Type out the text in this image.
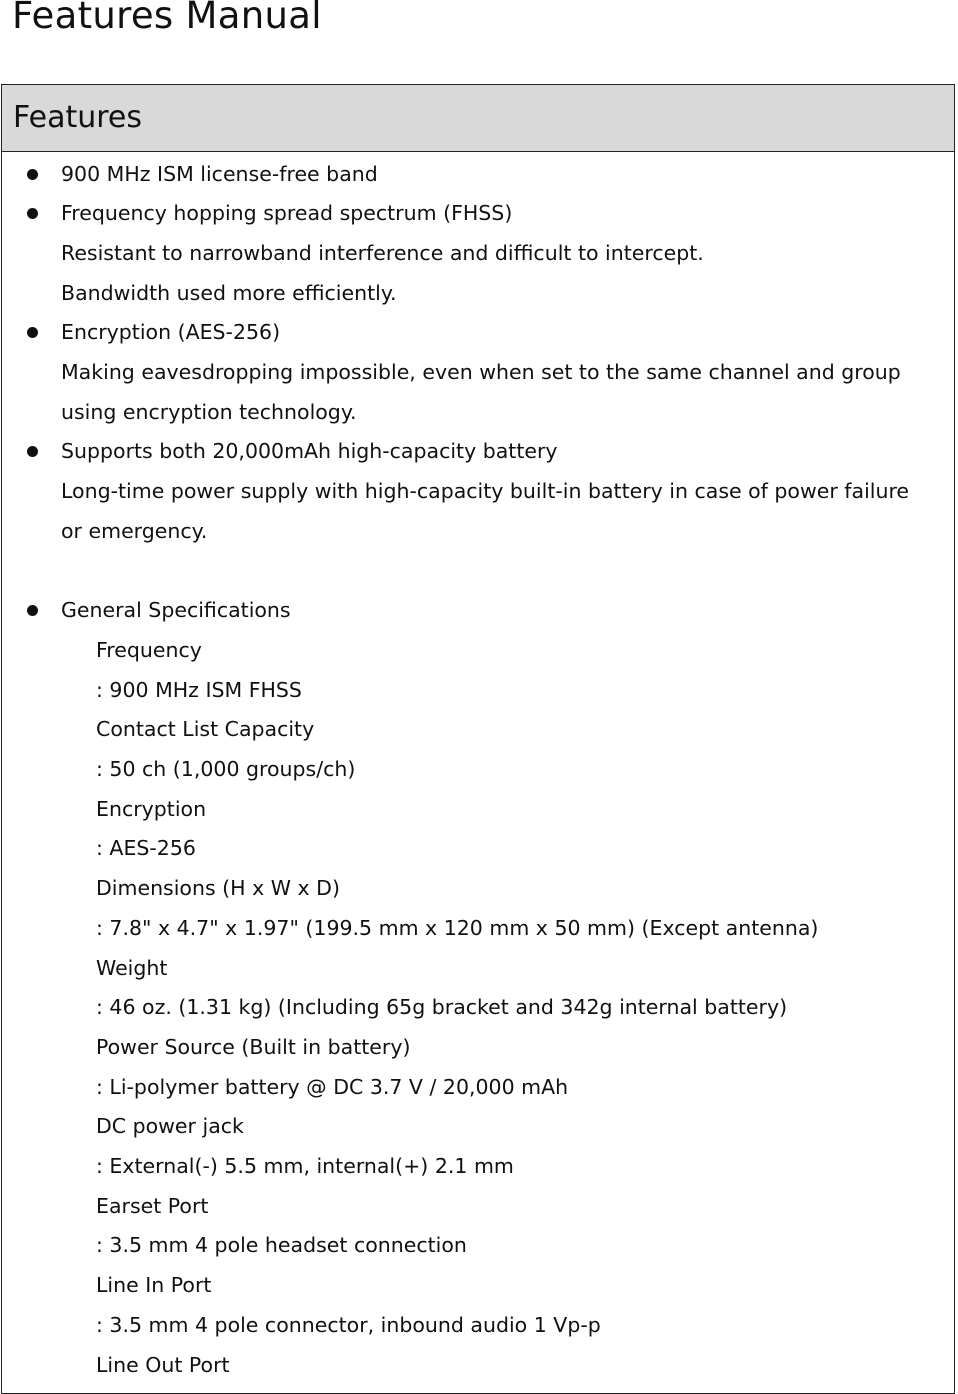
Features Manual
Features
900 MHz ISM license-free band
Frequency hopping spread spectrum (FHSS)
Resistant to narrowband interference and difficult to intercept.
Bandwidth used more efficiently.
Encryption (AES-256)
Making eavesdropping impossible, even when set to the same channel and group
using encryption technology.
Supports both 20,000mAh high-capacity battery
Long-time power supply with high-capacity built-in battery in case of power failure
or emergency.
General Specifications
Frequency
: 900 MHz ISM FHSS
Contact List Capacity
: 50 ch (1,000 groups/ch)
Encryption
: AES-256
Dimensions (H x W x D)
: 7.8" x 4.7" x 1.97" (199.5 mm x 120 mm x 50 mm) (Except antenna)
Weight
: 46 oz. (1.31 kg) (Including 65g bracket and 342g internal battery)
Power Source (Built in battery)
: Li-polymer battery @ DC 3.7 V / 20,000 mAh
DC power jack
: External(-) 5.5 mm, internal(+) 2.1 mm
Earset Port
: 3.5 mm 4 pole headset connection
Line In Port
: 3.5 mm 4 pole connector, inbound audio 1 Vp-p
Line Out Port
